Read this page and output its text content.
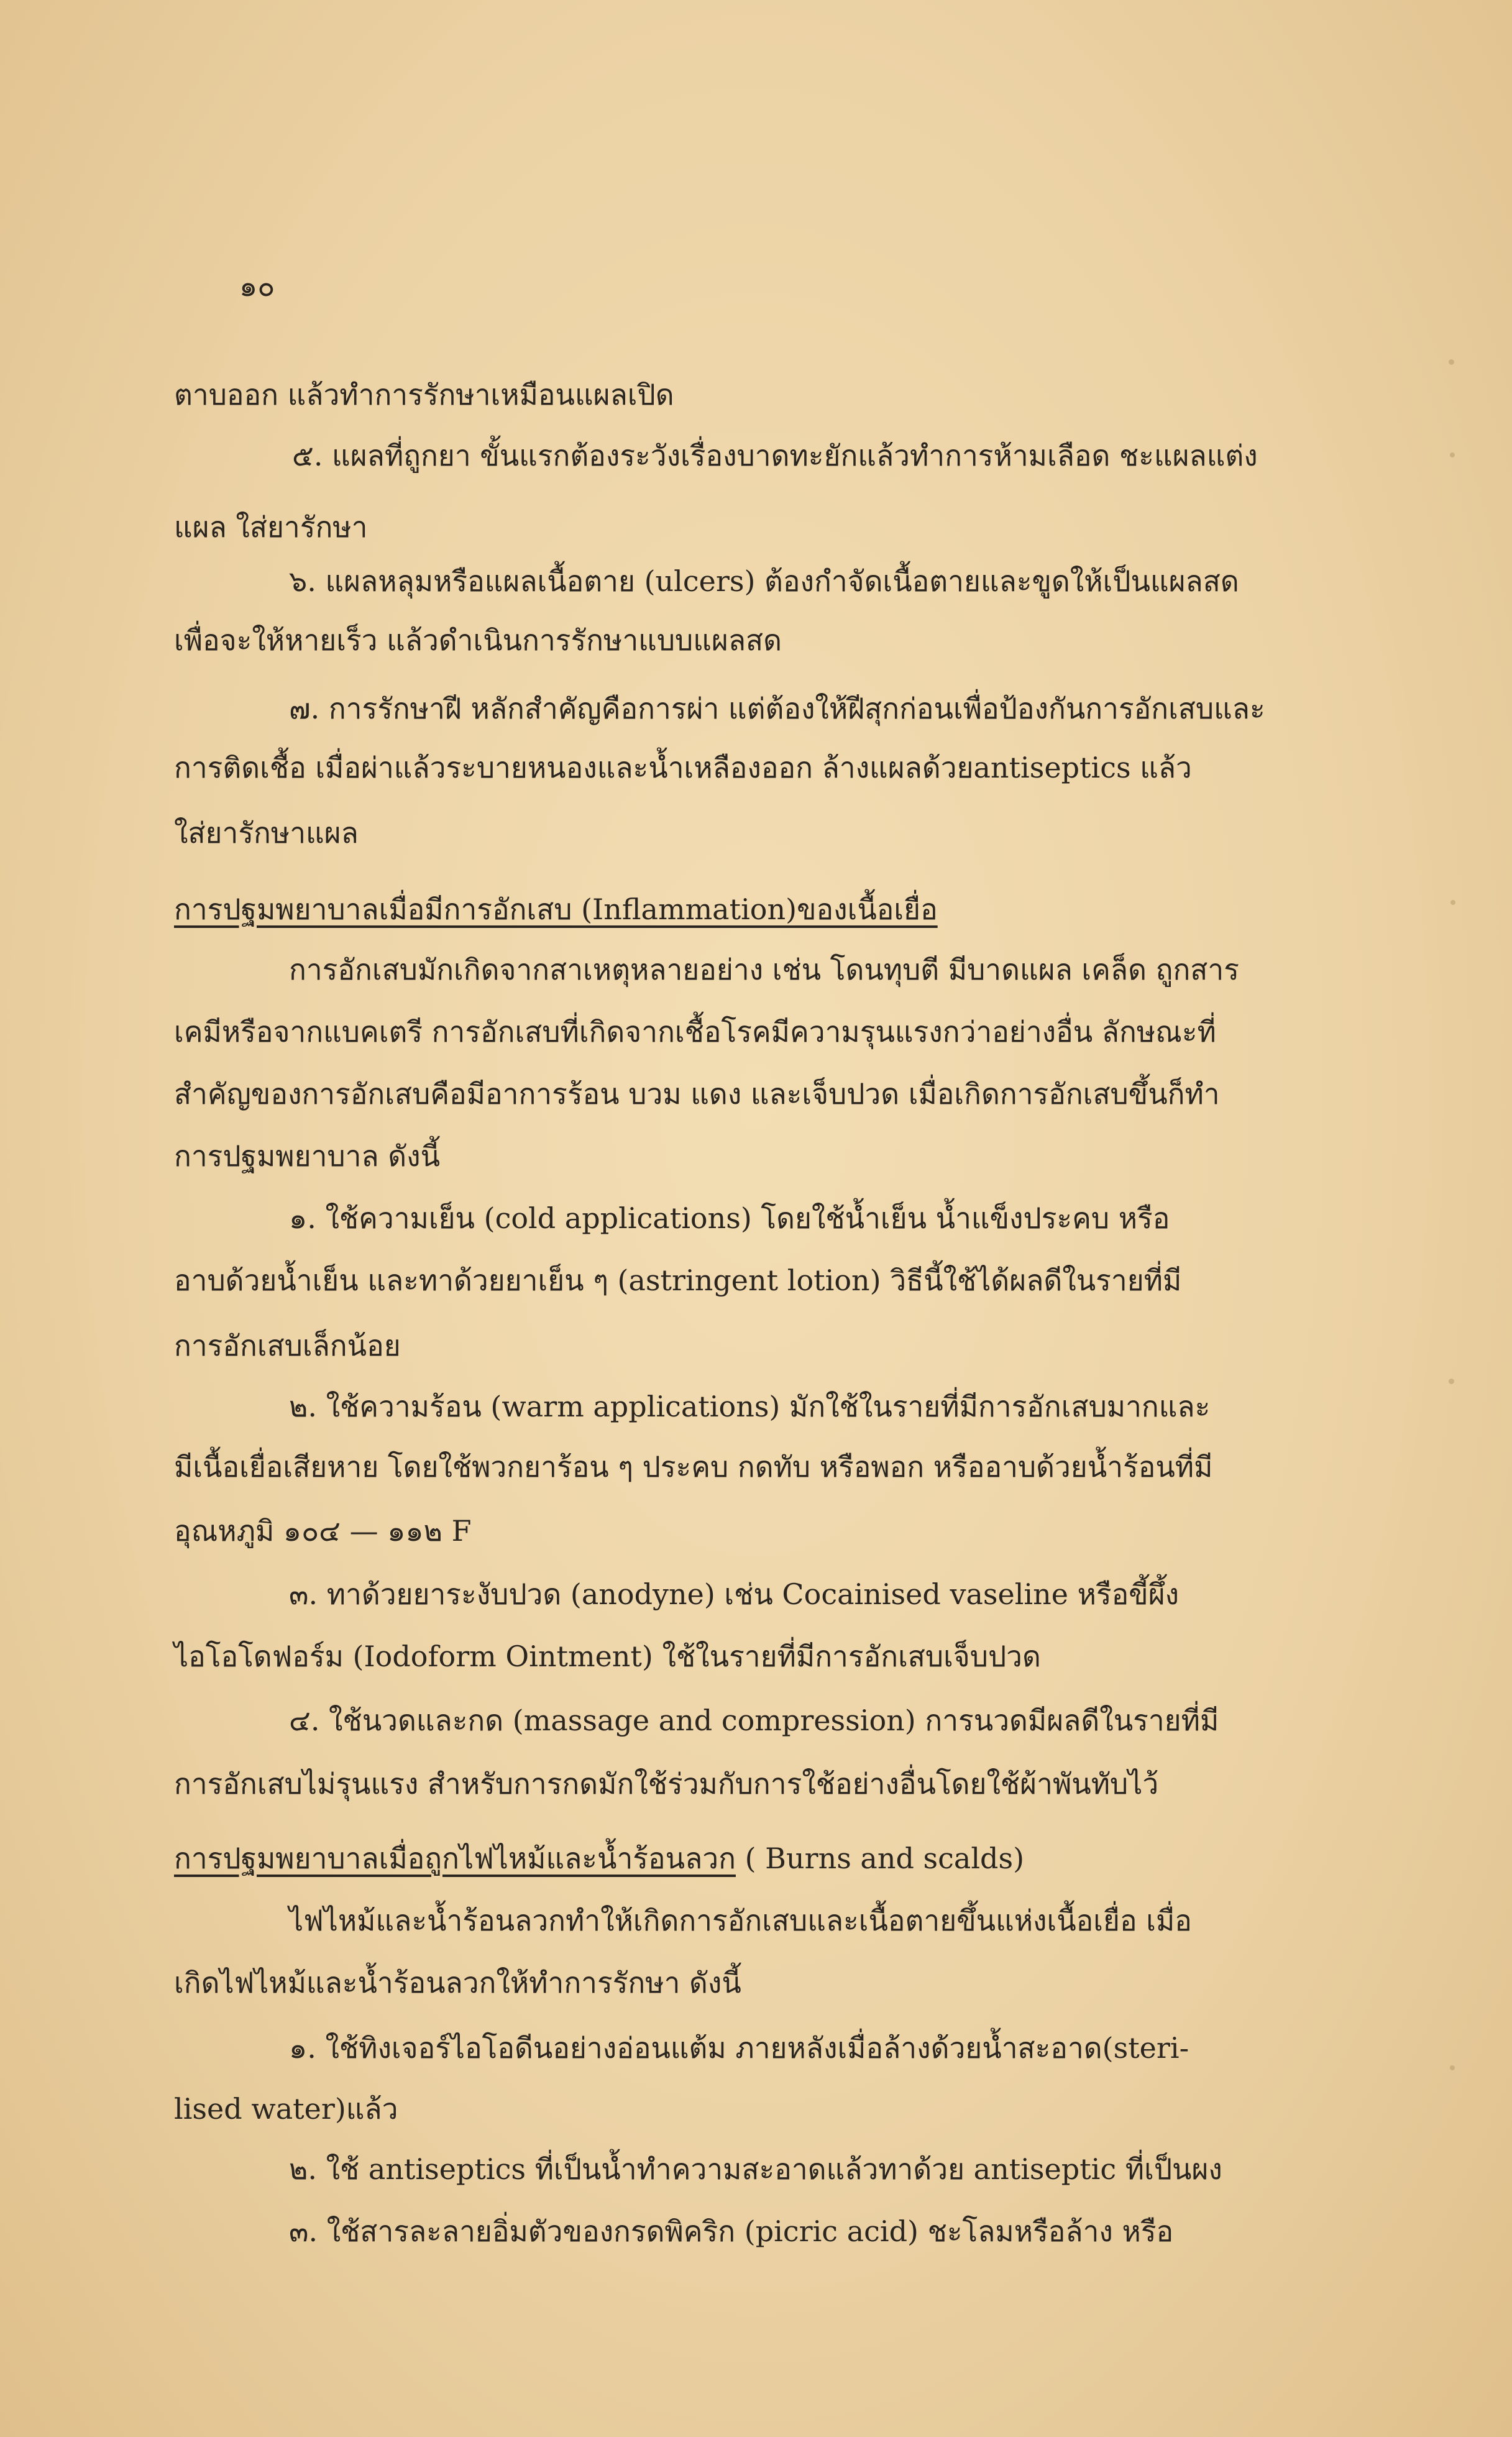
๑๐
ตาบออก แล้วทำการรักษาเหมือนแผลเปิด
๕. แผลที่ถูกยา ขั้นแรกต้องระวังเรื่องบาดทะยักแล้วทำการห้ามเลือด ชะแผลแต่ง
แผล ใส่ยารักษา
๖. แผลหลุมหรือแผลเนื้อตาย (ulcers) ต้องกำจัดเนื้อตายและขูดให้เป็นแผลสด
เพื่อจะให้หายเร็ว แล้วดำเนินการรักษาแบบแผลสด
๗. การรักษาฝี หลักสำคัญคือการผ่า แต่ต้องให้ฝีสุกก่อนเพื่อป้องกันการอักเสบและ
การติดเชื้อ เมื่อผ่าแล้วระบายหนองและน้ำเหลืองออก ล้างแผลด้วยantiseptics แล้ว
ใส่ยารักษาแผล
การปฐมพยาบาลเมื่อมีการอักเสบ (Inflammation)ของเนื้อเยื่อ
การอักเสบมักเกิดจากสาเหตุหลายอย่าง เช่น โดนทุบตี มีบาดแผล เคล็ด ถูกสาร
เคมีหรือจากแบคเตรี การอักเสบที่เกิดจากเชื้อโรคมีความรุนแรงกว่าอย่างอื่น ลักษณะที่
สำคัญของการอักเสบคือมีอาการร้อน บวม แดง และเจ็บปวด เมื่อเกิดการอักเสบขึ้นก็ทำ
การปฐมพยาบาล ดังนี้
๑. ใช้ความเย็น (cold applications) โดยใช้น้ำเย็น น้ำแข็งประคบ หรือ
อาบด้วยน้ำเย็น และทาด้วยยาเย็น ๆ (astringent lotion) วิธีนี้ใช้ได้ผลดีในรายที่มี
การอักเสบเล็กน้อย
๒. ใช้ความร้อน (warm applications) มักใช้ในรายที่มีการอักเสบมากและ
มีเนื้อเยื่อเสียหาย โดยใช้พวกยาร้อน ๆ ประคบ กดทับ หรือพอก หรืออาบด้วยน้ำร้อนที่มี
อุณหภูมิ ๑๐๔ — ๑๑๒ F
๓. ทาด้วยยาระงับปวด (anodyne) เช่น Cocainised vaseline หรือขี้ผึ้ง
ไอโอโดฟอร์ม (Iodoform Ointment) ใช้ในรายที่มีการอักเสบเจ็บปวด
๔. ใช้นวดและกด (massage and compression) การนวดมีผลดีในรายที่มี
การอักเสบไม่รุนแรง สำหรับการกดมักใช้ร่วมกับการใช้อย่างอื่นโดยใช้ผ้าพันทับไว้
การปฐมพยาบาลเมื่อถูกไฟไหม้และน้ำร้อนลวก ( Burns and scalds)
ไฟไหม้และน้ำร้อนลวกทำให้เกิดการอักเสบและเนื้อตายขึ้นแห่งเนื้อเยื่อ เมื่อ
เกิดไฟไหม้และน้ำร้อนลวกให้ทำการรักษา ดังนี้
๑. ใช้ทิงเจอร์ไอโอดีนอย่างอ่อนแต้ม ภายหลังเมื่อล้างด้วยน้ำสะอาด(steri-
lised water)แล้ว
๒. ใช้ antiseptics ที่เป็นน้ำทำความสะอาดแล้วทาด้วย antiseptic ที่เป็นผง
๓. ใช้สารละลายอิ่มตัวของกรดพิคริก (picric acid) ชะโลมหรือล้าง หรือ
